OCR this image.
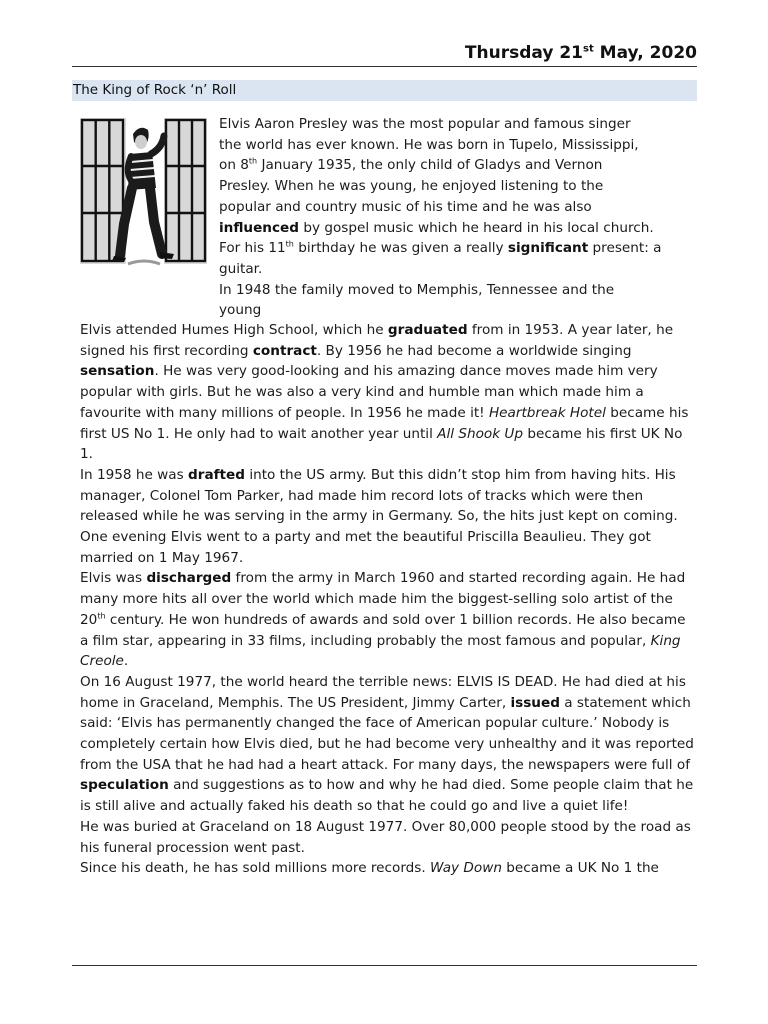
Thursday 21st May, 2020
The King of Rock ‘n’ Roll

Elvis Aaron Presley was the most popular and famous singer

the world has ever known. He was born in Tupelo, Mississippi,

on 8th January 1935, the only child of Gladys and Vernon

Presley. When he was young, he enjoyed listening to the

popular and country music of his time and he was also

influenced by gospel music which he heard in his local church.

For his 11th birthday he was given a really significant present: a

guitar.

In 1948 the family moved to Memphis, Tennessee and the

young

Elvis attended Humes High School, which he graduated from in 1953. A year later, he signed his first recording contract. By 1956 he had become a worldwide singing sensation. He was very good-looking and his amazing dance moves made him very popular with girls. But he was also a very kind and humble man which made him a favourite with many millions of people. In 1956 he made it! Heartbreak Hotel became his first US No 1. He only had to wait another year until All Shook Up became his first UK No 1.

In 1958 he was drafted into the US army. But this didn’t stop him from having hits. His manager, Colonel Tom Parker, had made him record lots of tracks which were then released while he was serving in the army in Germany. So, the hits just kept on coming. One evening Elvis went to a party and met the beautiful Priscilla Beaulieu. They got married on 1 May 1967.

Elvis was discharged from the army in March 1960 and started recording again. He had many more hits all over the world which made him the biggest-selling solo artist of the 20th century. He won hundreds of awards and sold over 1 billion records. He also became a film star, appearing in 33 films, including probably the most famous and popular, King Creole.

On 16 August 1977, the world heard the terrible news: ELVIS IS DEAD. He had died at his home in Graceland, Memphis. The US President, Jimmy Carter, issued a statement which said: ‘Elvis has permanently changed the face of American popular culture.’ Nobody is completely certain how Elvis died, but he had become very unhealthy and it was reported from the USA that he had had a heart attack. For many days, the newspapers were full of speculation and suggestions as to how and why he had died. Some people claim that he is still alive and actually faked his death so that he could go and live a quiet life!

He was buried at Graceland on 18 August 1977. Over 80,000 people stood by the road as his funeral procession went past.

Since his death, he has sold millions more records. Way Down became a UK No 1 the
